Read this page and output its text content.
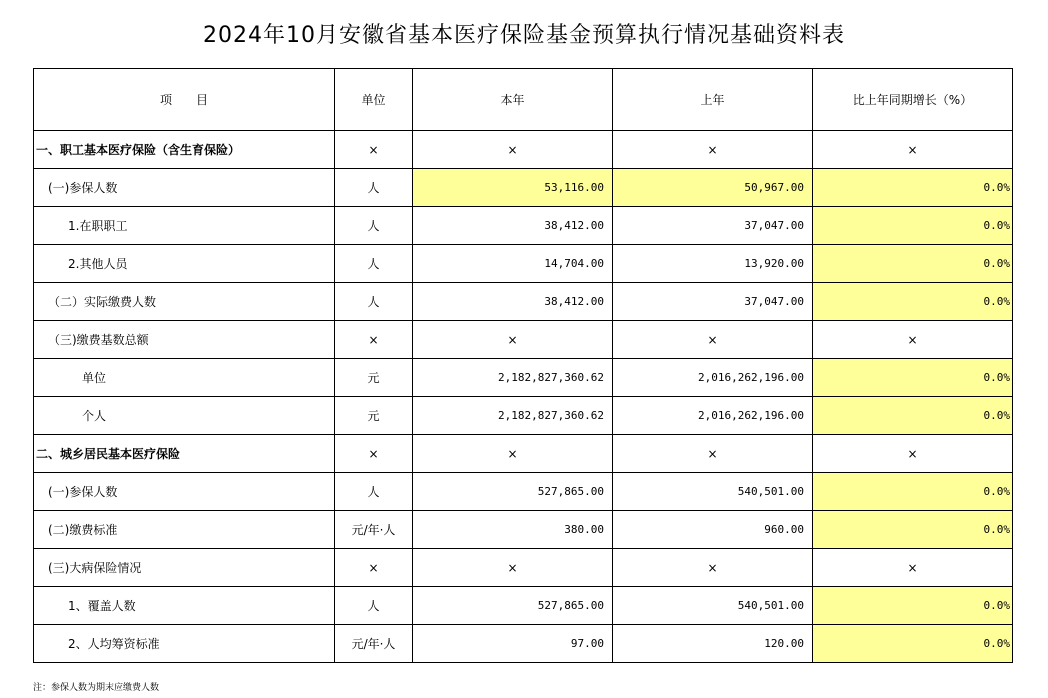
2024年10月安徽省基本医疗保险基金预算执行情况基础资料表
项　　目	单位	本年	上年	比上年同期增长（%）
一、职工基本医疗保险（含生育保险）	×	×	×	×
(一)参保人数	人	53,116.00	50,967.00	0.0%
1.在职职工	人	38,412.00	37,047.00	0.0%
2.其他人员	人	14,704.00	13,920.00	0.0%
（二）实际缴费人数	人	38,412.00	37,047.00	0.0%
（三)缴费基数总额	×	×	×	×
单位	元	2,182,827,360.62	2,016,262,196.00	0.0%
个人	元	2,182,827,360.62	2,016,262,196.00	0.0%
二、城乡居民基本医疗保险	×	×	×	×
(一)参保人数	人	527,865.00	540,501.00	0.0%
(二)缴费标准	元/年·人	380.00	960.00	0.0%
(三)大病保险情况	×	×	×	×
1、覆盖人数	人	527,865.00	540,501.00	0.0%
2、人均筹资标准	元/年·人	97.00	120.00	0.0%
注：参保人数为期末应缴费人数
